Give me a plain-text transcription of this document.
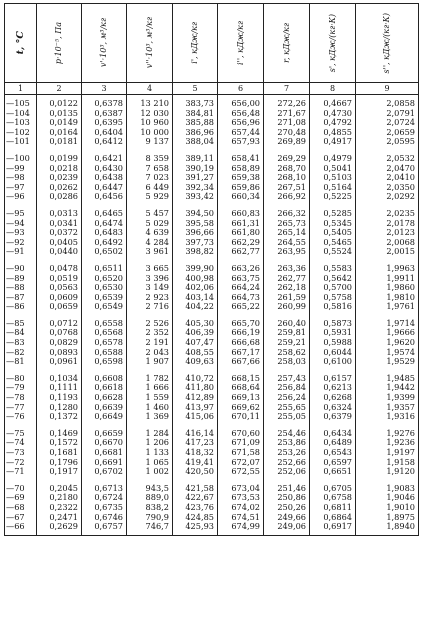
t, °C	p·10⁻⁵, Па	v'·10³, м³/кг	v''·10³, м³/кг	i', кДж/кг	i'', кДж/кг	r, кДж/кг	s', кДж/(кг·К)	s'', кДж/(кг·К)

1	2	3	4	5	6	7	8	9
—105	0,0122	0,6378	13 210	383,73	656,00	272,26	0,4667	2,0858
—104	0,0135	0,6387	12 030	384,81	656,48	271,67	0,4730	2,0791
—103	0,0149	0,6395	10 960	385,88	656,96	271,08	0,4792	2,0724
—102	0,0164	0,6404	10 000	386,96	657,44	270,48	0,4855	2,0659
—101	0,0181	0,6412	9 137	388,04	657,93	269,89	0,4917	2,0595
—100	0,0199	0,6421	8 359	389,11	658,41	269,29	0,4979	2,0532
—99	0,0218	0,6430	7 658	390,19	658,89	268,70	0,5041	2,0470
—98	0,0239	0,6438	7 023	391,27	659,38	268,10	0,5103	2,0410
—97	0,0262	0,6447	6 449	392,34	659,86	267,51	0,5164	2,0350
—96	0,0286	0,6456	5 929	393,42	660,34	266,92	0,5225	2,0292
—95	0,0313	0,6465	5 457	394,50	660,83	266,32	0,5285	2,0235
—94	0,0341	0,6474	5 029	395,58	661,31	265,73	0,5345	2,0178
—93	0,0372	0,6483	4 639	396,66	661,80	265,14	0,5405	2,0123
—92	0,0405	0,6492	4 284	397,73	662,29	264,55	0,5465	2,0068
—91	0,0440	0,6502	3 961	398,82	662,77	263,95	0,5524	2,0015
—90	0,0478	0,6511	3 665	399,90	663,26	263,36	0,5583	1,9963
—89	0,0519	0,6520	3 396	400,98	663,75	262,77	0,5642	1,9911
—88	0,0563	0,6530	3 149	402,06	664,24	262,18	0,5700	1,9860
—87	0,0609	0,6539	2 923	403,14	664,73	261,59	0,5758	1,9810
—86	0,0659	0,6549	2 716	404,22	665,22	260,99	0,5816	1,9761
—85	0,0712	0,6558	2 526	405,30	665,70	260,40	0,5873	1,9714
—84	0,0768	0,6568	2 352	406,39	666,19	259,81	0,5931	1,9666
—83	0,0829	0,6578	2 191	407,47	666,68	259,21	0,5988	1,9620
—82	0,0893	0,6588	2 043	408,55	667,17	258,62	0,6044	1,9574
—81	0,0961	0,6598	1 907	409,63	667,66	258,03	0,6100	1,9529
—80	0,1034	0,6608	1 782	410,72	668,15	257,43	0,6157	1,9485
—79	0,1111	0,6618	1 666	411,80	668,64	256,84	0,6213	1,9442
—78	0,1193	0,6628	1 559	412,89	669,13	256,24	0,6268	1,9399
—77	0,1280	0,6639	1 460	413,97	669,62	255,65	0,6324	1,9357
—76	0,1372	0,6649	1 369	415,06	670,11	255,05	0,6379	1,9316
—75	0,1469	0,6659	1 284	416,14	670,60	254,46	0,6434	1,9276
—74	0,1572	0,6670	1 206	417,23	671,09	253,86	0,6489	1,9236
—73	0,1681	0,6681	1 133	418,32	671,58	253,26	0,6543	1,9197
—72	0,1796	0,6691	1 065	419,41	672,07	252,66	0,6597	1,9158
—71	0,1917	0,6702	1 002	420,50	672,55	252,06	0,6651	1,9120
—70	0,2045	0,6713	943,5	421,58	673,04	251,46	0,6705	1,9083
—69	0,2180	0,6724	889,0	422,67	673,53	250,86	0,6758	1,9046
—68	0,2322	0,6735	838,2	423,76	674,02	250,26	0,6811	1,9010
—67	0,2471	0,6746	790,9	424,85	674,51	249,66	0,6864	1,8975
—66	0,2629	0,6757	746,7	425,93	674,99	249,06	0,6917	1,8940
